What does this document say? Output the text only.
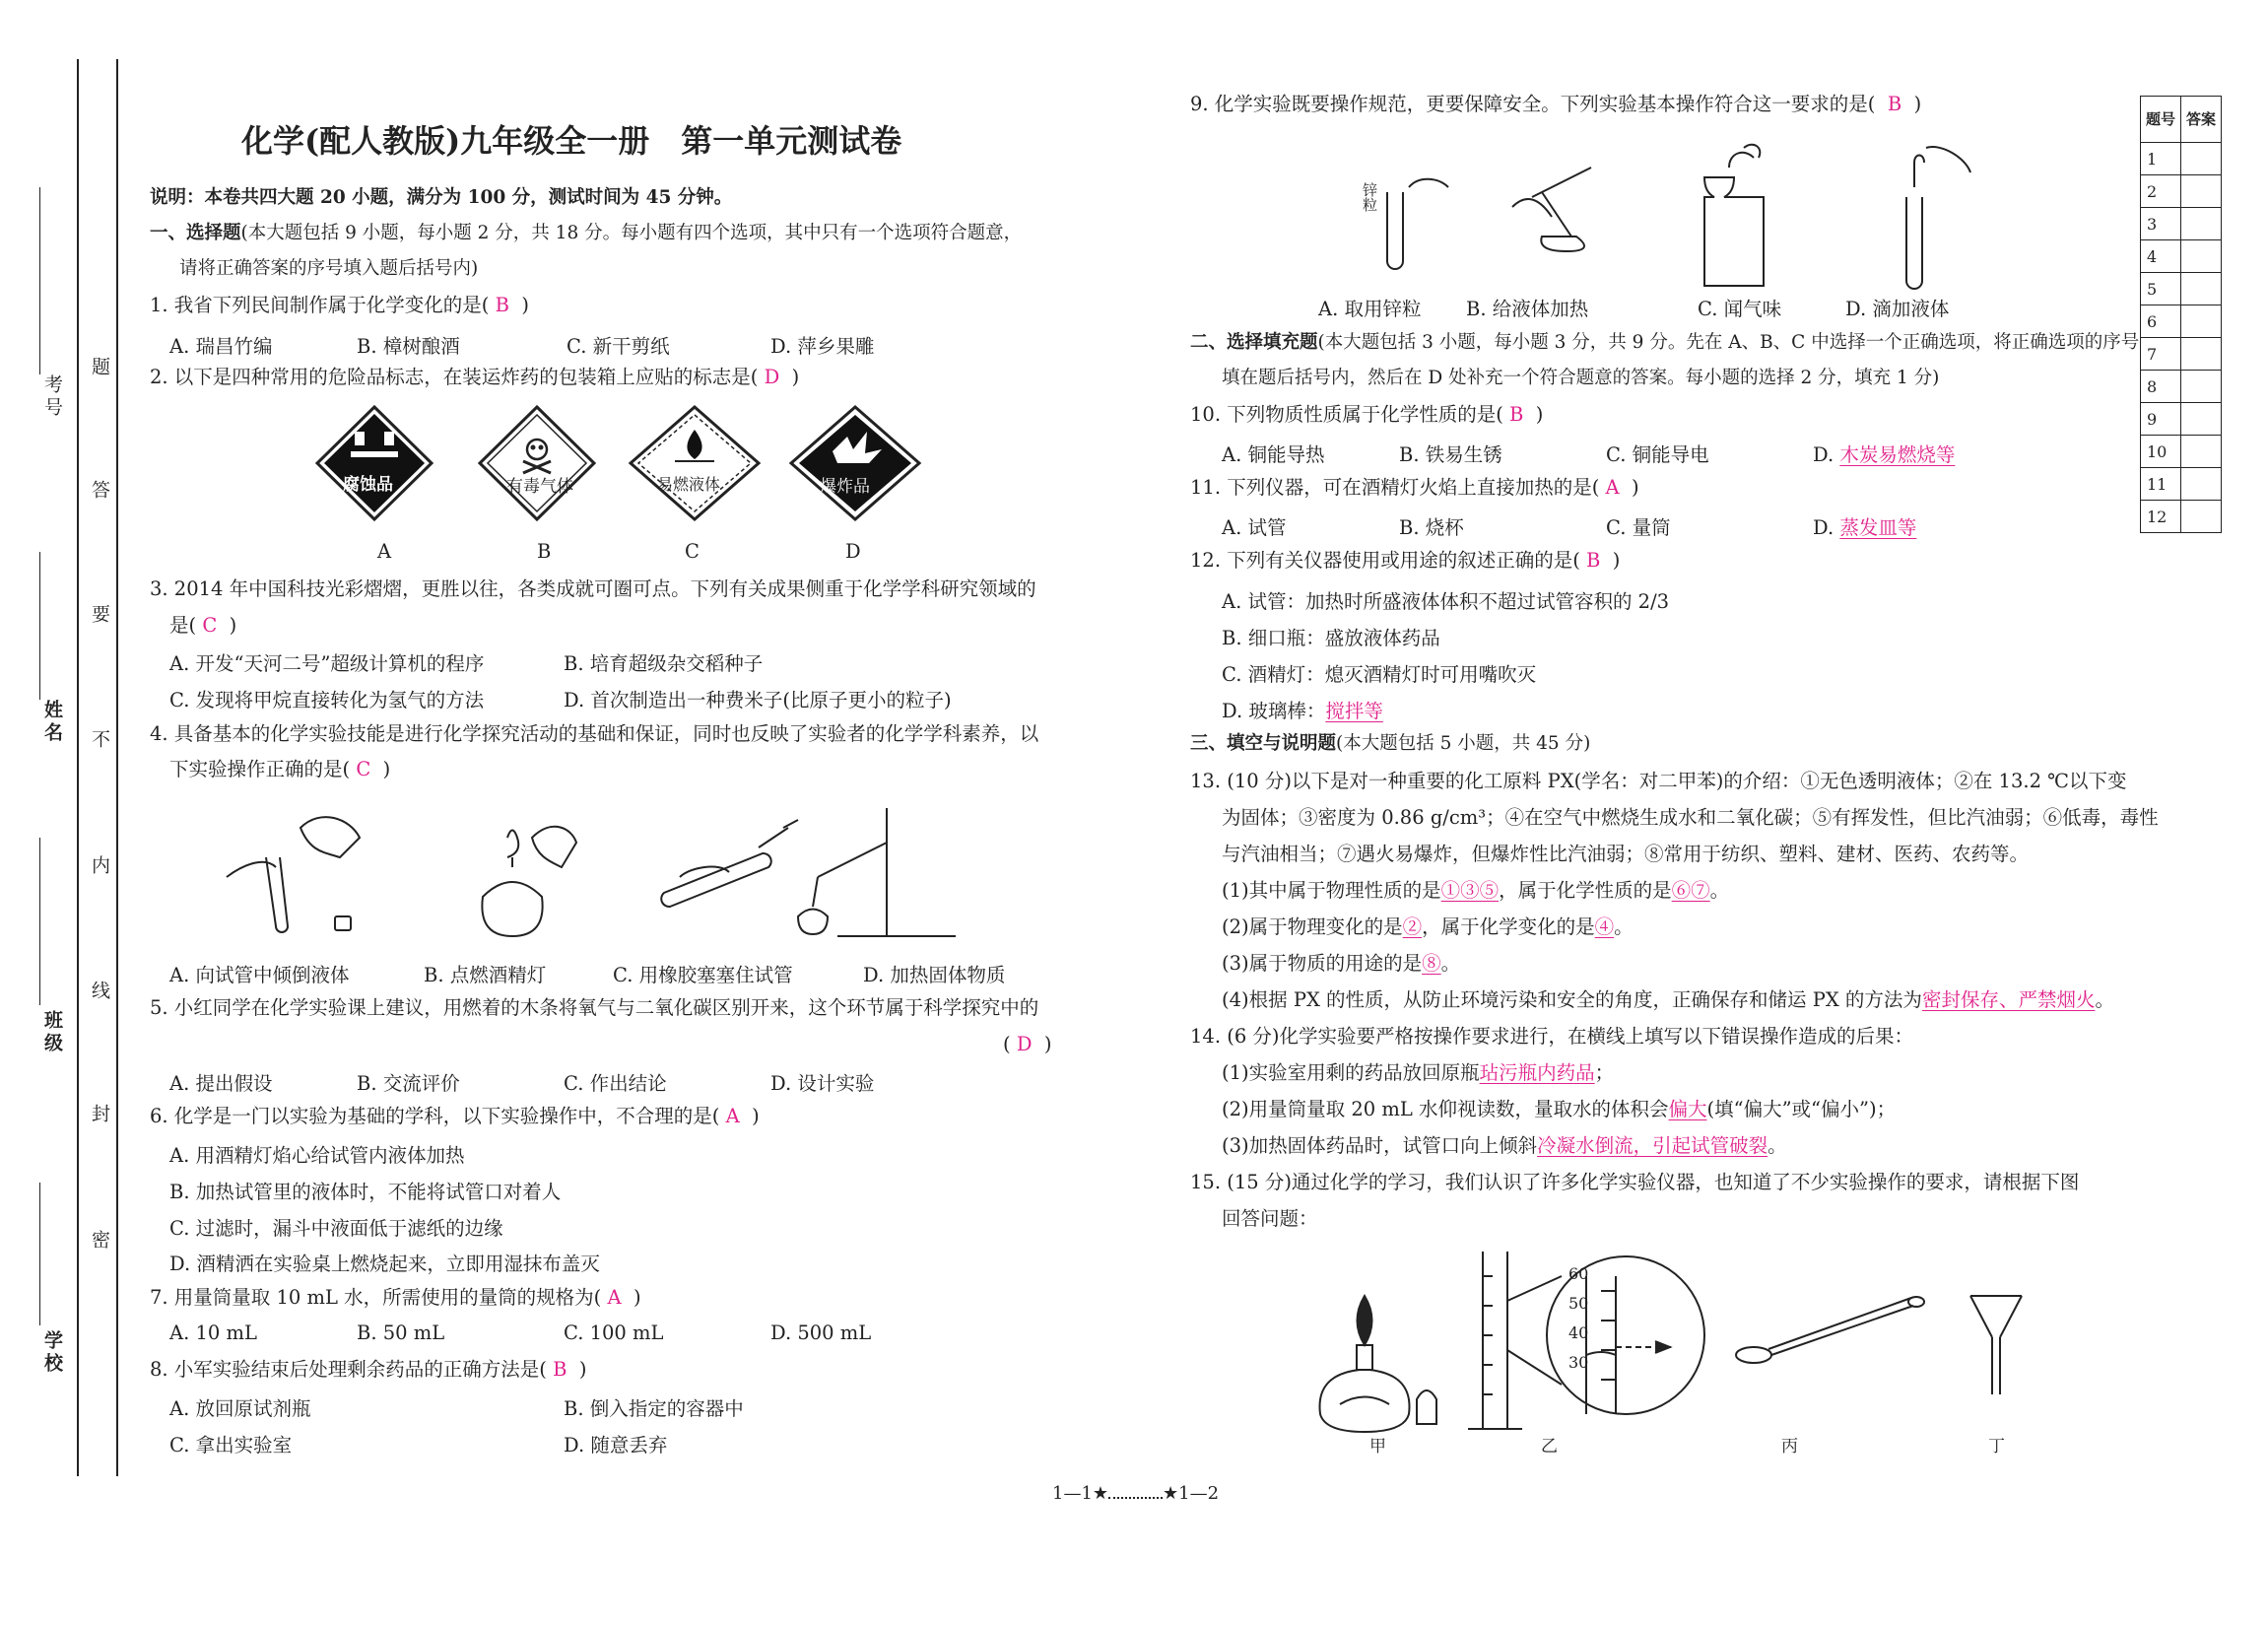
考号
姓名
班级
学校
题
答
要
不
内
线
封
密
化学(配人教版)九年级全一册　第一单元测试卷
说明：本卷共四大题 20 小题，满分为 100 分，测试时间为 45 分钟。
一、选择题(本大题包括 9 小题，每小题 2 分，共 18 分。每小题有四个选项，其中只有一个选项符合题意，
请将正确答案的序号填入题后括号内)
1. 我省下列民间制作属于化学变化的是( B )
A. 瑞昌竹编	B. 樟树酿酒	C. 新干剪纸	D. 萍乡果雕
2. 以下是四种常用的危险品标志，在装运炸药的包装箱上应贴的标志是( D )
腐蚀品	有毒气体	易燃液体	爆炸品
A	B	C	D
3. 2014 年中国科技光彩熠熠，更胜以往，各类成就可圈可点。下列有关成果侧重于化学学科研究领域的
是( C )
A. 开发“天河二号”超级计算机的程序	B. 培育超级杂交稻种子
C. 发现将甲烷直接转化为氢气的方法	D. 首次制造出一种费米子(比原子更小的粒子)
4. 具备基本的化学实验技能是进行化学探究活动的基础和保证，同时也反映了实验者的化学学科素养，以
下实验操作正确的是( C )
A. 向试管中倾倒液体	B. 点燃酒精灯	C. 用橡胶塞塞住试管	D. 加热固体物质
5. 小红同学在化学实验课上建议，用燃着的木条将氧气与二氧化碳区别开来，这个环节属于科学探究中的
( D )
A. 提出假设	B. 交流评价	C. 作出结论	D. 设计实验
6. 化学是一门以实验为基础的学科，以下实验操作中，不合理的是( A )
A. 用酒精灯焰心给试管内液体加热
B. 加热试管里的液体时，不能将试管口对着人
C. 过滤时，漏斗中液面低于滤纸的边缘
D. 酒精洒在实验桌上燃烧起来，立即用湿抹布盖灭
7. 用量筒量取 10 mL 水，所需使用的量筒的规格为( A )
A. 10 mL	B. 50 mL	C. 100 mL	D. 500 mL
8. 小军实验结束后处理剩余药品的正确方法是( B )
A. 放回原试剂瓶	B. 倒入指定的容器中
C. 拿出实验室	D. 随意丢弃
9. 化学实验既要操作规范，更要保障安全。下列实验基本操作符合这一要求的是( B )
锌粒
A. 取用锌粒 B. 给液体加热	C. 闻气味	D. 滴加液体
二、选择填充题(本大题包括 3 小题，每小题 3 分，共 9 分。先在 A、B、C 中选择一个正确选项，将正确选项的序号
填在题后括号内，然后在 D 处补充一个符合题意的答案。每小题的选择 2 分，填充 1 分)
10. 下列物质性质属于化学性质的是( B )
A. 铜能导热	B. 铁易生锈	C. 铜能导电	D. 木炭易燃烧等
11. 下列仪器，可在酒精灯火焰上直接加热的是( A )
A. 试管	B. 烧杯	C. 量筒	D. 蒸发皿等
12. 下列有关仪器使用或用途的叙述正确的是( B )
A. 试管：加热时所盛液体体积不超过试管容积的 2/3
B. 细口瓶：盛放液体药品
C. 酒精灯：熄灭酒精灯时可用嘴吹灭
D. 玻璃棒：搅拌等
三、填空与说明题(本大题包括 5 小题，共 45 分)
13. (10 分)以下是对一种重要的化工原料 PX(学名：对二甲苯)的介绍：①无色透明液体；②在 13.2 ℃以下变
为固体；③密度为 0.86 g/cm³；④在空气中燃烧生成水和二氧化碳；⑤有挥发性，但比汽油弱；⑥低毒，毒性
与汽油相当；⑦遇火易爆炸，但爆炸性比汽油弱；⑧常用于纺织、塑料、建材、医药、农药等。
(1)其中属于物理性质的是①③⑤，属于化学性质的是⑥⑦。
(2)属于物理变化的是②，属于化学变化的是④。
(3)属于物质的用途的是⑧。
(4)根据 PX 的性质，从防止环境污染和安全的角度，正确保存和储运 PX 的方法为密封保存、严禁烟火。
14. (6 分)化学实验要严格按操作要求进行，在横线上填写以下错误操作造成的后果：
(1)实验室用剩的药品放回原瓶玷污瓶内药品；
(2)用量筒量取 20 mL 水仰视读数，量取水的体积会偏大(填“偏大”或“偏小”)；
(3)加热固体药品时，试管口向上倾斜冷凝水倒流，引起试管破裂。
15. (15 分)通过化学的学习，我们认识了许多化学实验仪器，也知道了不少实验操作的要求，请根据下图
回答问题：
60
50
40
30
甲	乙	丙	丁
1—1★	★1—2
题号	答案
1	
2	
3	
4	
5	
6	
7	
8	
9	
10	
11	
12	
